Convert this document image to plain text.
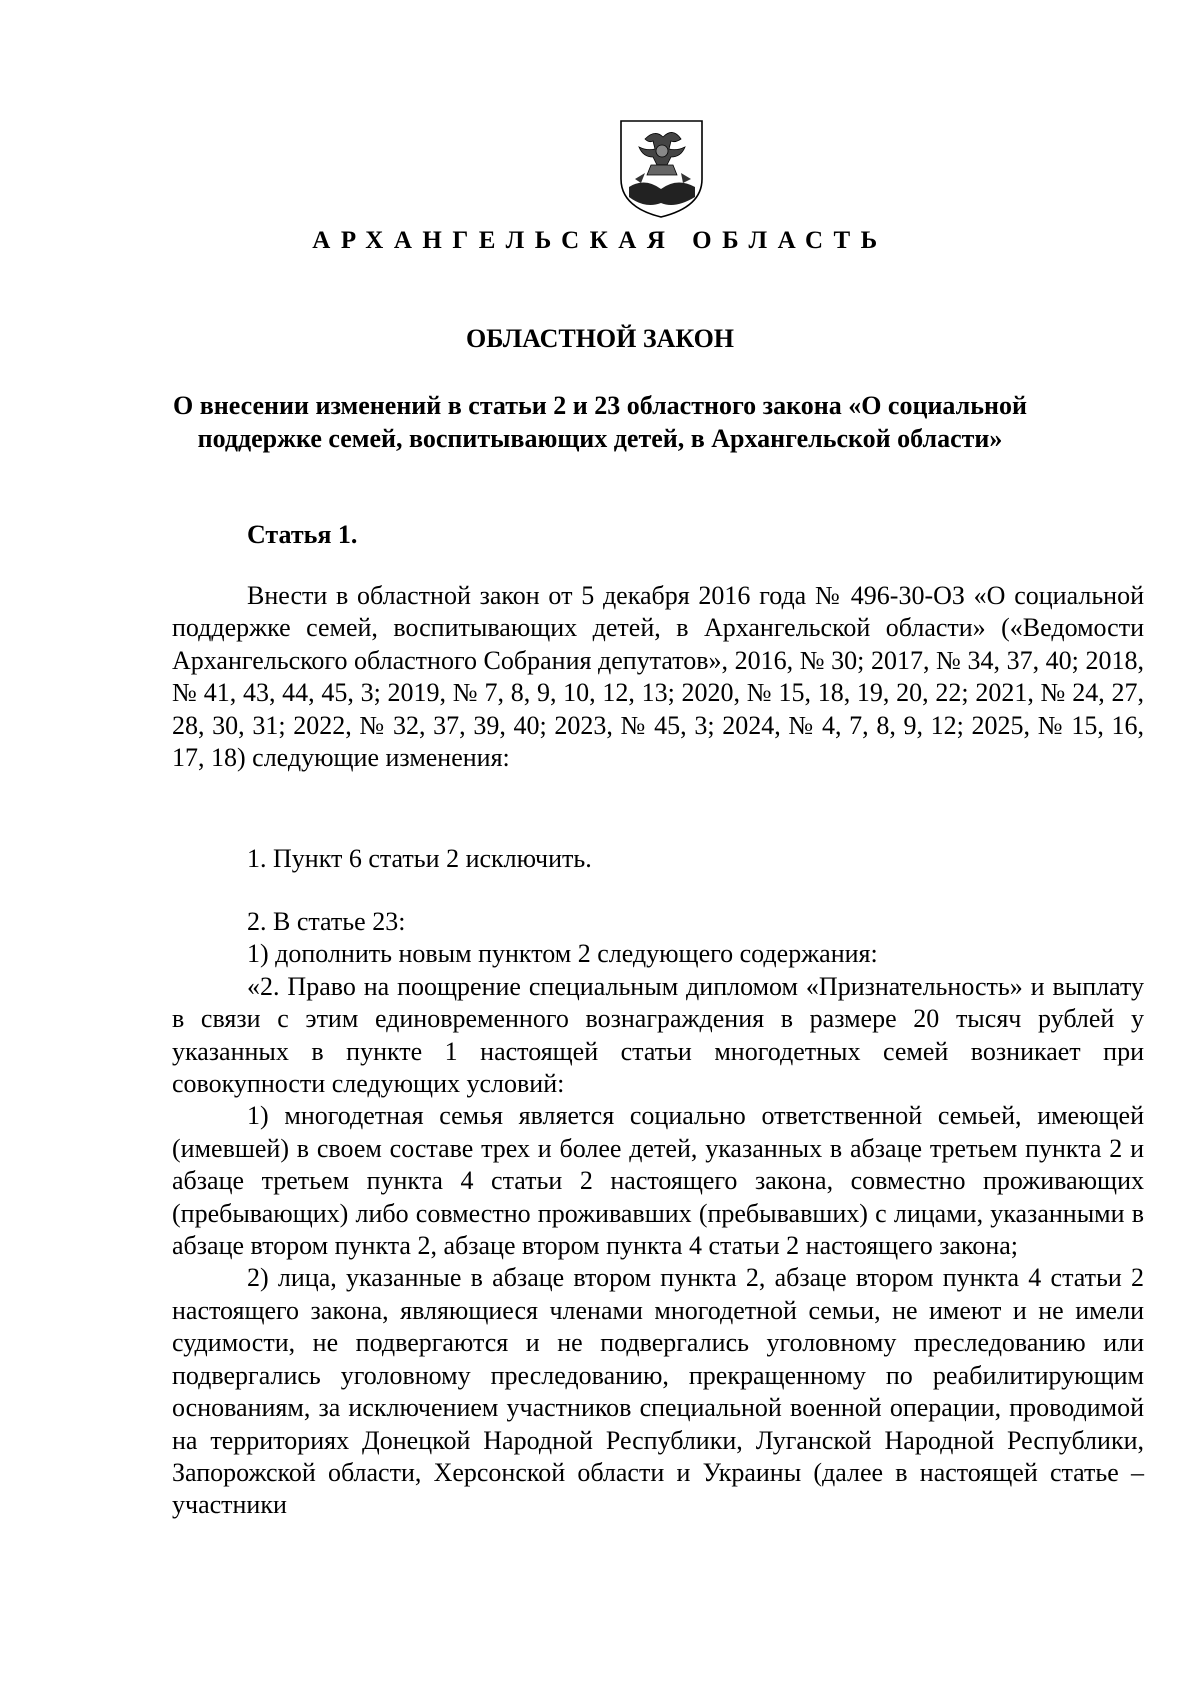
АРХАНГЕЛЬСКАЯ ОБЛАСТЬ
ОБЛАСТНОЙ ЗАКОН
О внесении изменений в статьи 2 и 23 областного закона «О социальной
поддержке семей, воспитывающих детей, в Архангельской области»
Статья 1.

Внести в областной закон от 5 декабря 2016 года № 496-30-ОЗ «О социальной поддержке семей, воспитывающих детей, в Архангельской области» («Ведомости Архангельского областного Собрания депутатов», 2016, № 30; 2017, № 34, 37, 40; 2018, № 41, 43, 44, 45, 3; 2019, № 7, 8, 9, 10, 12, 13; 2020, № 15, 18, 19, 20, 22; 2021, № 24, 27, 28, 30, 31; 2022, № 32, 37, 39, 40; 2023, № 45, 3; 2024, № 4, 7, 8, 9, 12; 2025, № 15, 16, 17, 18) следующие изменения:

1. Пункт 6 статьи 2 исключить.

2. В статье 23:

1) дополнить новым пунктом 2 следующего содержания:

«2. Право на поощрение специальным дипломом «Признательность» и выплату в связи с этим единовременного вознаграждения в размере 20 тысяч рублей у указанных в пункте 1 настоящей статьи многодетных семей возникает при совокупности следующих условий:

1) многодетная семья является социально ответственной семьей, имеющей (имевшей) в своем составе трех и более детей, указанных в абзаце третьем пункта 2 и абзаце третьем пункта 4 статьи 2 настоящего закона, совместно проживающих (пребывающих) либо совместно проживавших (пребывавших) с лицами, указанными в абзаце втором пункта 2, абзаце втором пункта 4 статьи 2 настоящего закона;

2) лица, указанные в абзаце втором пункта 2, абзаце втором пункта 4 статьи 2 настоящего закона, являющиеся членами многодетной семьи, не имеют и не имели судимости, не подвергаются и не подвергались уголовному преследованию или подвергались уголовному преследованию, прекращенному по реабилитирующим основаниям, за исключением участников специальной военной операции, проводимой на территориях Донецкой Народной Республики, Луганской Народной Республики, Запорожской области, Херсонской области и Украины (далее в настоящей статье – участники
